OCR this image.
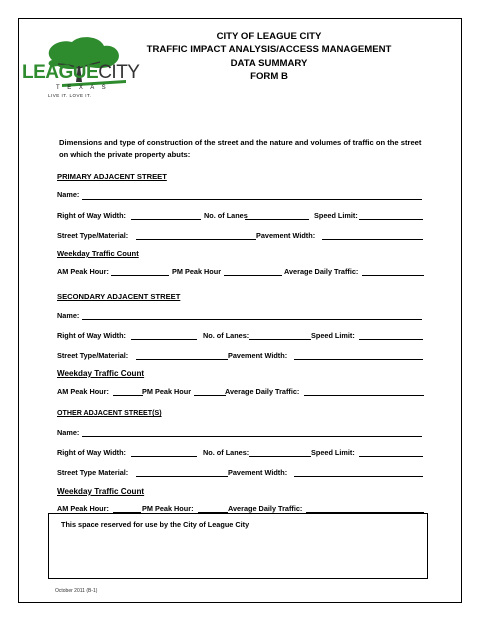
LEAGUECITY
T E X A S
LIVE IT. LOVE IT.
CITY OF LEAGUE CITY
TRAFFIC IMPACT ANALYSIS/ACCESS MANAGEMENT
DATA SUMMARY
FORM B
Dimensions and type of construction of the street and the nature and volumes of traffic on the street on which the private property abuts:
PRIMARY ADJACENT STREET
Name:
Right of Way Width:	No. of Lanes	Speed Limit:
Street Type/Material:	Pavement Width:
Weekday Traffic Count
AM Peak Hour:	PM Peak Hour	Average Daily Traffic:
SECONDARY ADJACENT STREET
Name:
Right of Way Width:	No. of Lanes:	Speed Limit:
Street Type/Material:	Pavement Width:
Weekday Traffic Count
AM Peak Hour:	PM Peak Hour	Average Daily Traffic:
OTHER ADJACENT STREET(S)
Name:
Right of Way Width:	No. of Lanes:	Speed Limit:
Street Type Material:	Pavement Width:
Weekday Traffic Count
AM Peak Hour:	PM Peak Hour:	Average Daily Traffic:
This space reserved for use by the City of League City
October 2011 (B-1)
